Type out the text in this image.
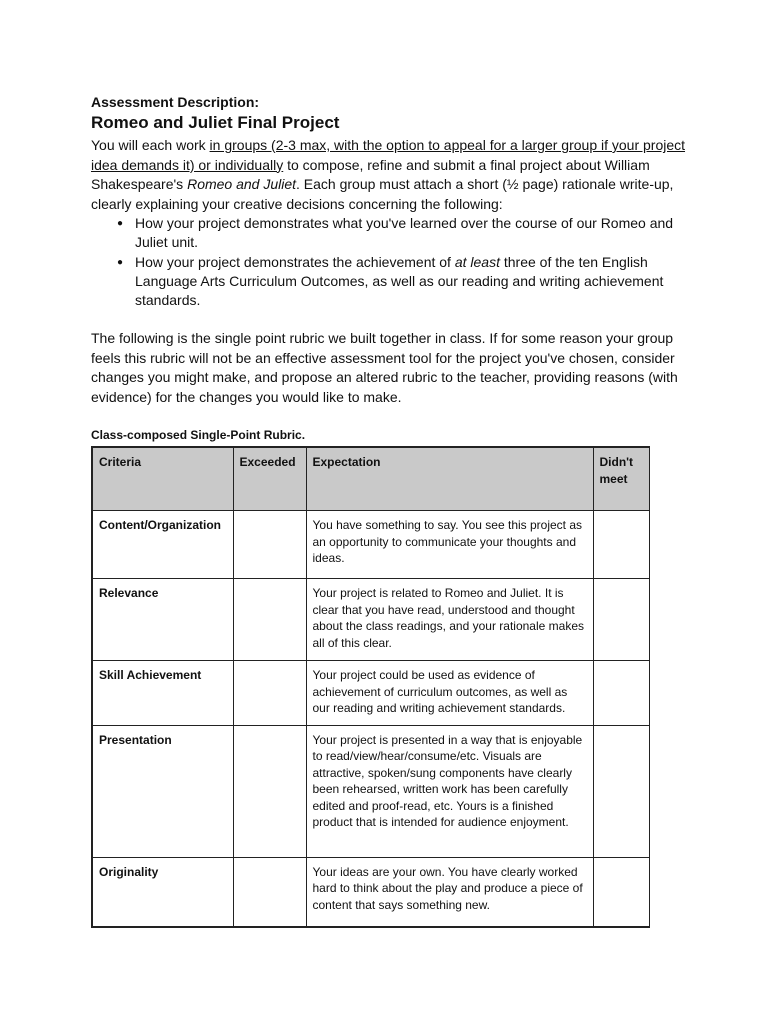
Assessment Description:

Romeo and Juliet Final Project

You will each work in groups (2-3 max, with the option to appeal for a larger group if your project idea demands it) or individually to compose, refine and submit a final project about William Shakespeare's Romeo and Juliet. Each group must attach a short (½ page) rationale write-up, clearly explaining your creative decisions concerning the following:

● How your project demonstrates what you've learned over the course of our Romeo and Juliet unit.
● How your project demonstrates the achievement of at least three of the ten English Language Arts Curriculum Outcomes, as well as our reading and writing achievement standards.

The following is the single point rubric we built together in class. If for some reason your group feels this rubric will not be an effective assessment tool for the project you've chosen, consider changes you might make, and propose an altered rubric to the teacher, providing reasons (with evidence) for the changes you would like to make.

Class-composed Single-Point Rubric.

Criteria	Exceeded	Expectation	Didn't meet
Content/Organization		You have something to say. You see this project as an opportunity to communicate your thoughts and ideas.	
Relevance		Your project is related to Romeo and Juliet. It is clear that you have read, understood and thought about the class readings, and your rationale makes all of this clear.	
Skill Achievement		Your project could be used as evidence of achievement of curriculum outcomes, as well as our reading and writing achievement standards.	
Presentation		Your project is presented in a way that is enjoyable to read/view/hear/consume/etc. Visuals are attractive, spoken/sung components have clearly been rehearsed, written work has been carefully edited and proof-read, etc. Yours is a finished product that is intended for audience enjoyment.	
Originality		Your ideas are your own. You have clearly worked hard to think about the play and produce a piece of content that says something new.	
